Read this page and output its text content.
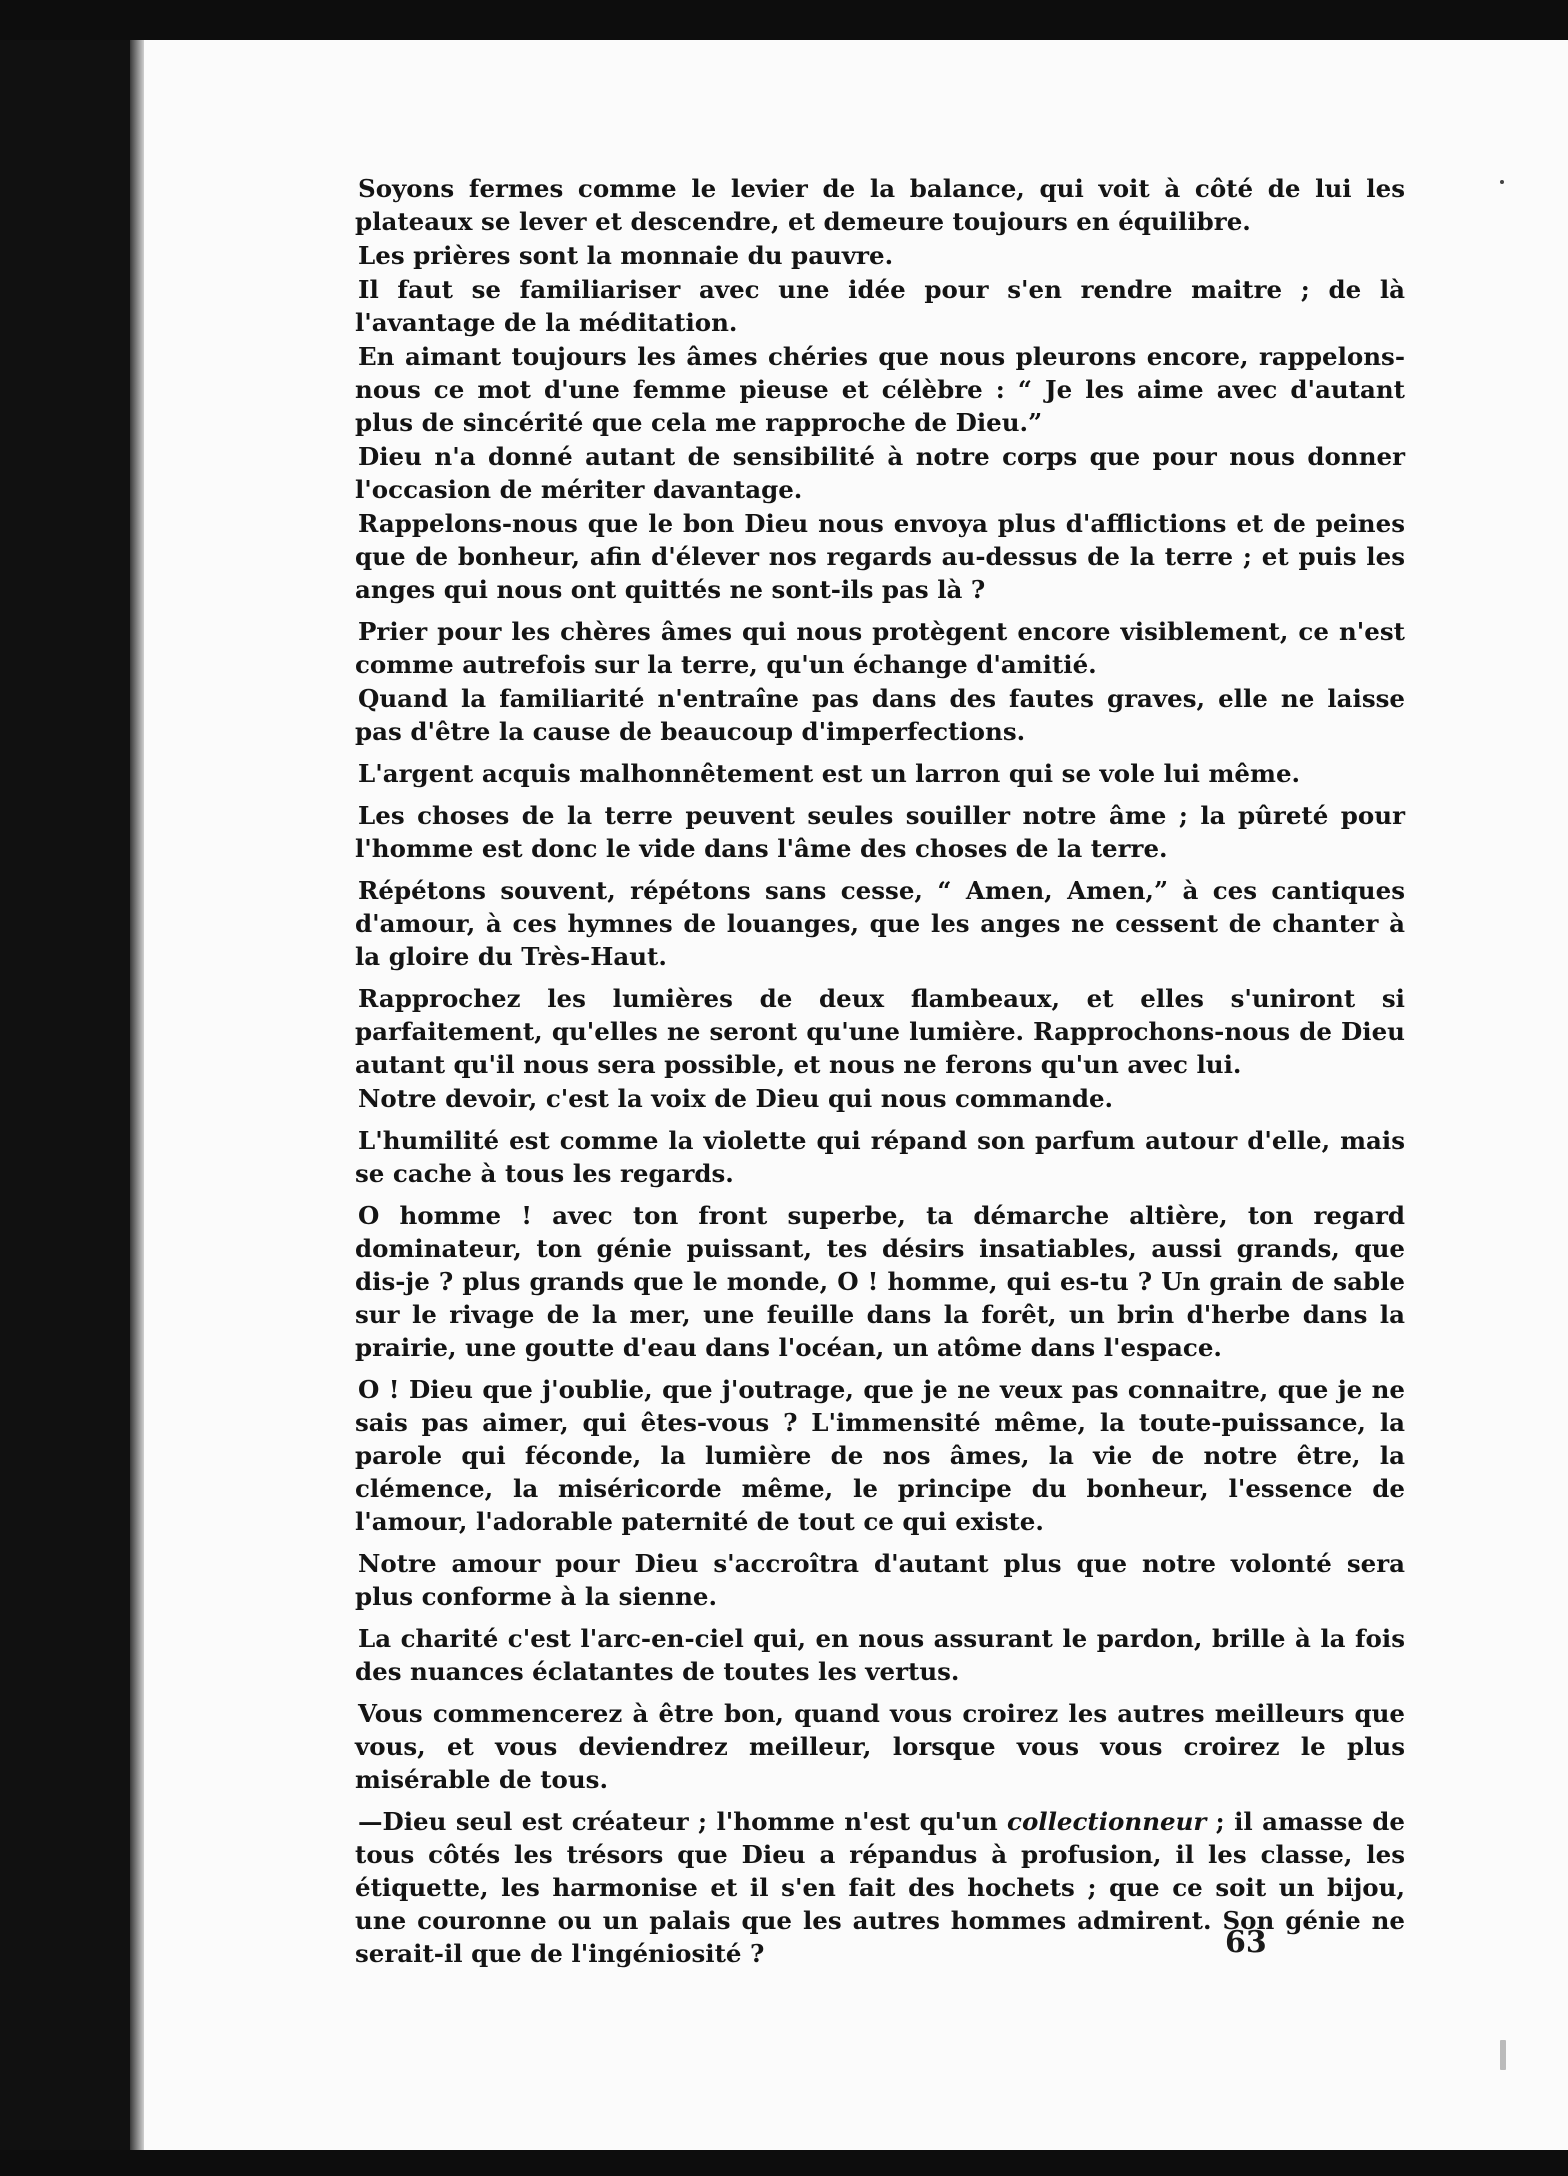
Soyons fermes comme le levier de la balance, qui voit à côté de lui les plateaux se lever et descendre, et demeure toujours en équilibre.

Les prières sont la monnaie du pauvre.

Il faut se familiariser avec une idée pour s'en rendre maitre ; de là l'avantage de la méditation.

En aimant toujours les âmes chéries que nous pleurons encore, rappelons-nous ce mot d'une femme pieuse et célèbre : “ Je les aime avec d'autant plus de sincérité que cela me rapproche de Dieu.”

Dieu n'a donné autant de sensibilité à notre corps que pour nous donner l'occasion de mériter davantage.

Rappelons-nous que le bon Dieu nous envoya plus d'afflictions et de peines que de bonheur, afin d'élever nos regards au-dessus de la terre ; et puis les anges qui nous ont quittés ne sont-ils pas là ?

Prier pour les chères âmes qui nous protègent encore visiblement, ce n'est comme autrefois sur la terre, qu'un échange d'amitié.

Quand la familiarité n'entraîne pas dans des fautes graves, elle ne laisse pas d'être la cause de beaucoup d'imperfections.

L'argent acquis malhonnêtement est un larron qui se vole lui même.

Les choses de la terre peuvent seules souiller notre âme ; la pûreté pour l'homme est donc le vide dans l'âme des choses de la terre.

Répétons souvent, répétons sans cesse, “ Amen, Amen,” à ces cantiques d'amour, à ces hymnes de louanges, que les anges ne cessent de chanter à la gloire du Très-Haut.

Rapprochez les lumières de deux flambeaux, et elles s'uniront si parfaitement, qu'elles ne seront qu'une lumière. Rapprochons-nous de Dieu autant qu'il nous sera possible, et nous ne ferons qu'un avec lui.

Notre devoir, c'est la voix de Dieu qui nous commande.

L'humilité est comme la violette qui répand son parfum autour d'elle, mais se cache à tous les regards.

O homme ! avec ton front superbe, ta démarche altière, ton regard dominateur, ton génie puissant, tes désirs insatiables, aussi grands, que dis-je ? plus grands que le monde, O ! homme, qui es-tu ? Un grain de sable sur le rivage de la mer, une feuille dans la forêt, un brin d'herbe dans la prairie, une goutte d'eau dans l'océan, un atôme dans l'espace.

O ! Dieu que j'oublie, que j'outrage, que je ne veux pas connaitre, que je ne sais pas aimer, qui êtes-vous ? L'immensité même, la toute-puissance, la parole qui féconde, la lumière de nos âmes, la vie de notre être, la clémence, la miséricorde même, le principe du bonheur, l'essence de l'amour, l'adorable paternité de tout ce qui existe.

Notre amour pour Dieu s'accroîtra d'autant plus que notre volonté sera plus conforme à la sienne.

La charité c'est l'arc-en-ciel qui, en nous assurant le pardon, brille à la fois des nuances éclatantes de toutes les vertus.

Vous commencerez à être bon, quand vous croirez les autres meilleurs que vous, et vous deviendrez meilleur, lorsque vous vous croirez le plus misérable de tous.

—Dieu seul est créateur ; l'homme n'est qu'un collectionneur ; il amasse de tous côtés les trésors que Dieu a répandus à profusion, il les classe, les étiquette, les harmonise et il s'en fait des hochets ; que ce soit un bijou, une couronne ou un palais que les autres hommes admirent. Son génie ne serait-il que de l'ingéniosité ?	63
